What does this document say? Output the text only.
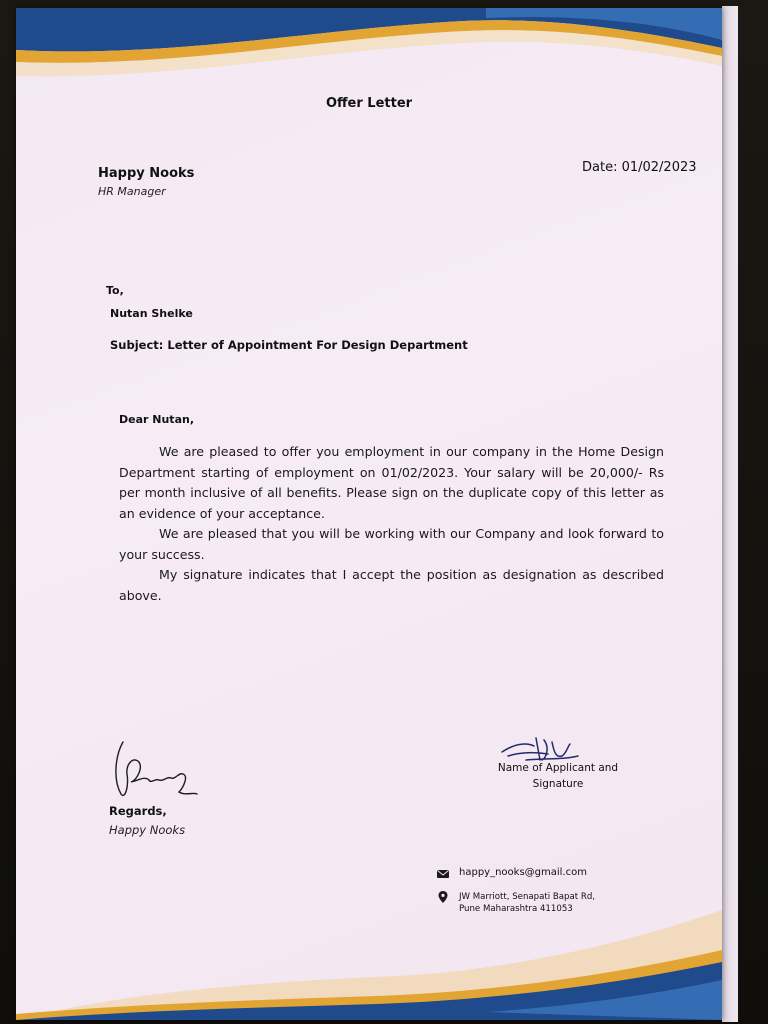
Offer Letter
Happy Nooks
HR Manager
Date: 01/02/2023
To,
Nutan Shelke
Subject: Letter of Appointment For Design Department
Dear Nutan,

We are pleased to offer you employment in our company in the Home Design Department starting of employment on 01/02/2023. Your salary will be 20,000/- Rs per month inclusive of all benefits. Please sign on the duplicate copy of this letter as an evidence of your acceptance.

We are pleased that you will be working with our Company and look forward to your success.

My signature indicates that I accept the position as designation as described above.

Regards,
Happy Nooks
Name of Applicant and Signature
happy_nooks@gmail.com
JW Marriott, Senapati Bapat Rd,
Pune Maharashtra 411053
